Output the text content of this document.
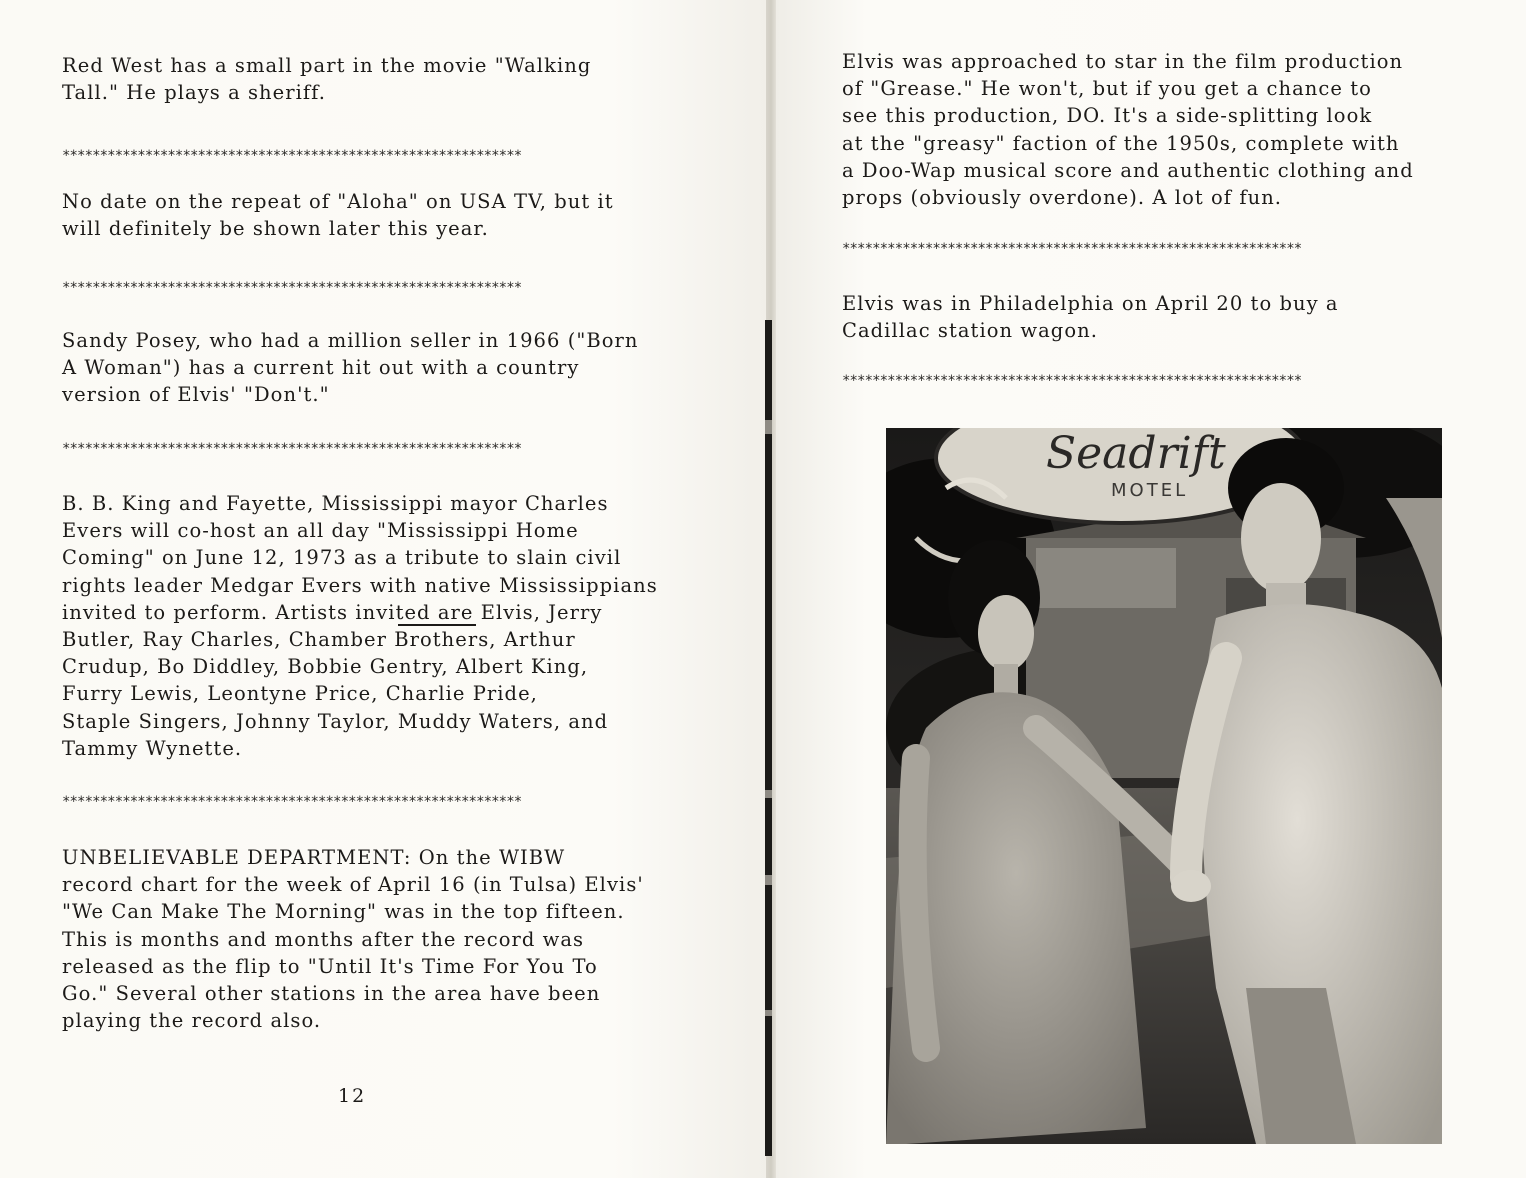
Red West has a small part in the movie "Walking
Tall." He plays a sheriff.

*************************************************************

No date on the repeat of "Aloha" on USA TV, but it
will definitely be shown later this year.

*************************************************************

Sandy Posey, who had a million seller in 1966 ("Born
A Woman") has a current hit out with a country
version of Elvis' "Don't."

*************************************************************

B. B. King and Fayette, Mississippi mayor Charles
Evers will co-host an all day "Mississippi Home
Coming" on June 12, 1973 as a tribute to slain civil
rights leader Medgar Evers with native Mississippians
invited to perform. Artists invited are Elvis, Jerry
Butler, Ray Charles, Chamber Brothers, Arthur
Crudup, Bo Diddley, Bobbie Gentry, Albert King,
Furry Lewis, Leontyne Price, Charlie Pride,
Staple Singers, Johnny Taylor, Muddy Waters, and
Tammy Wynette.

*************************************************************

UNBELIEVABLE DEPARTMENT: On the WIBW
record chart for the week of April 16 (in Tulsa) Elvis'
"We Can Make The Morning" was in the top fifteen.
This is months and months after the record was
released as the flip to "Until It's Time For You To
Go." Several other stations in the area have been
playing the record also.

12

Elvis was approached to star in the film production
of "Grease." He won't, but if you get a chance to
see this production, DO. It's a side-splitting look
at the "greasy" faction of the 1950s, complete with
a Doo-Wap musical score and authentic clothing and
props (obviously overdone). A lot of fun.

*************************************************************

Elvis was in Philadelphia on April 20 to buy a
Cadillac station wagon.

*************************************************************
Seadrift
MOTEL
